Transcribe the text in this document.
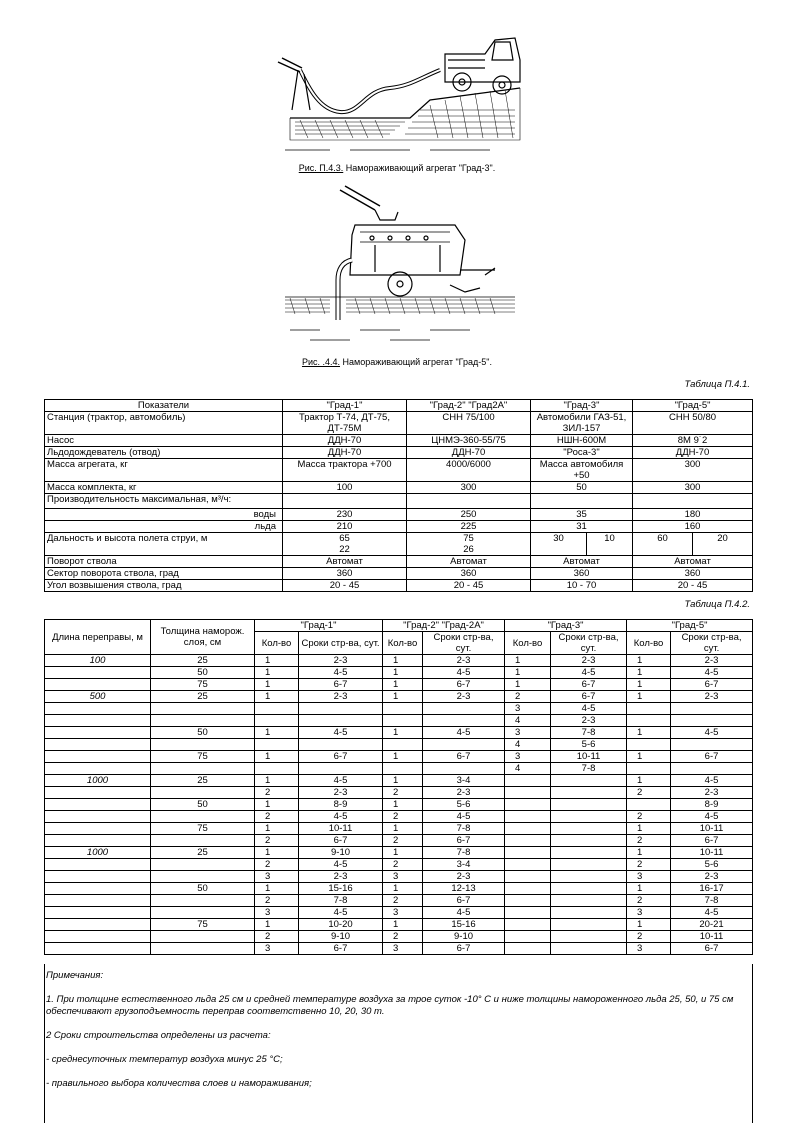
Рис. П.4.3. Намораживающий агрегат "Град-3".
Рис. .4.4. Намораживающий агрегат "Град-5".
Таблица П.4.1.
Показатели	"Град-1"	"Град-2" "Град2А"	"Град-3"		"Град-5"	
Станция (трактор, автомобиль)	Трактор Т-74, ДТ-75, ДТ-75М	СНН 75/100	Автомобили ГАЗ-51, ЗИЛ-157		СНН 50/80	
Насос	ДДН-70	ЦНМЭ-360-55/75	НШН-600М		8М 9˙2	
Льдодождеватель (отвод)	ДДН-70	ДДН-70	"Роса-3"		ДДН-70	
Масса агрегата, кг	Масса трактора +700	4000/6000	Масса автомобиля +50		300	
Масса комплекта, кг	100	300	50		300	
Производительность максимальная, м³/ч:						
воды	230	250	35		180	
льда	210	225	31		160	
Дальность и высота полета струи, м	65
22	75
26	30	10	60	20
Поворот ствола	Автомат	Автомат	Автомат		Автомат	
Сектор поворота ствола, град	360	360	360		360	
Угол возвышения ствола, град	20 - 45	20 - 45	10 - 70		20 - 45	
Таблица П.4.2.
Длина переправы, м	Толщина наморож. слоя, см	"Град-1"		"Град-2" "Град-2А"		"Град-3"		"Град-5"	
		Кол-во	Сроки стр-ва, сут.	Кол-во	Сроки стр-ва, сут.	Кол-во	Сроки стр-ва, сут.	Кол-во	Сроки стр-ва, сут.
100	25	1	2-3	1	2-3	1	2-3	1	2-3
	50	1	4-5	1	4-5	1	4-5	1	4-5
	75	1	6-7	1	6-7	1	6-7	1	6-7
500	25	1	2-3	1	2-3	2	6-7	1	2-3
						3	4-5		
						4	2-3		
	50	1	4-5	1	4-5	3	7-8	1	4-5
						4	5-6		
	75	1	6-7	1	6-7	3	10-11	1	6-7
						4	7-8		
1000	25	1	4-5	1	3-4			1	4-5
		2	2-3	2	2-3			2	2-3
	50	1	8-9	1	5-6				8-9
		2	4-5	2	4-5			2	4-5
	75	1	10-11	1	7-8			1	10-11
		2	6-7	2	6-7			2	6-7
1000	25	1	9-10	1	7-8			1	10-11
		2	4-5	2	3-4			2	5-6
		3	2-3	3	2-3			3	2-3
	50	1	15-16	1	12-13			1	16-17
		2	7-8	2	6-7			2	7-8
		3	4-5	3	4-5			3	4-5
	75	1	10-20	1	15-16			1	20-21
		2	9-10	2	9-10			2	10-11
		3	6-7	3	6-7			3	6-7

Примечания:

1. При толщине естественного льда 25 см и средней температуре воздуха за трое суток -10° С и ниже толщины намороженного льда 25, 50, и 75 см обеспечивают грузоподъемность переправ соответственно 10, 20, 30 т.

2 Сроки строительства определены из расчета:

- среднесуточных температур воздуха минус 25 °С;

- правильного выбора количества слоев и намораживания;
